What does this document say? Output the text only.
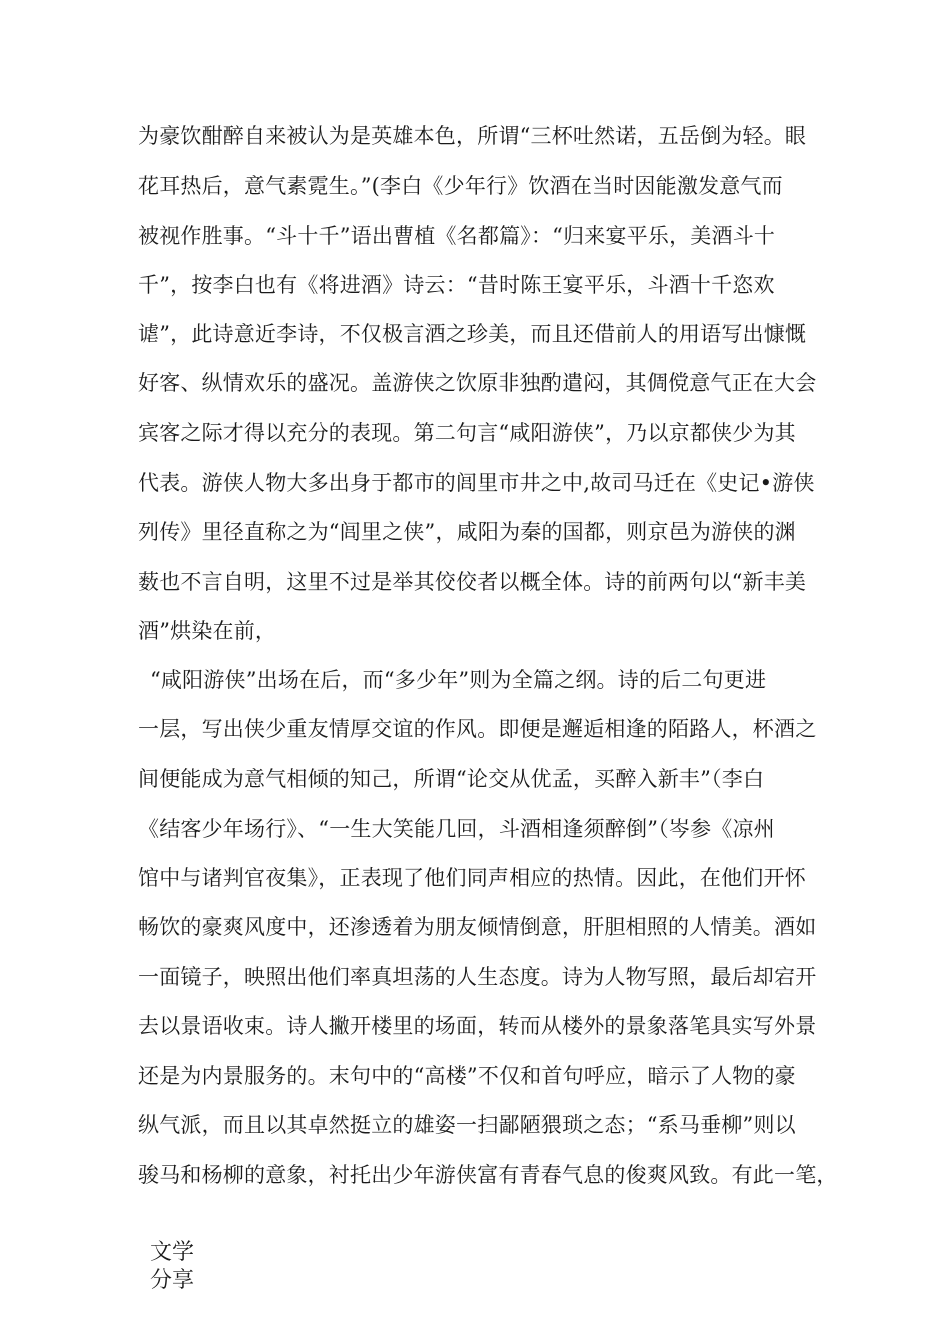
为豪饮酣醉自来被认为是英雄本色，所谓“三杯吐然诺，五岳倒为轻。眼
花耳热后，意气素霓生。”(李白《少年行》饮酒在当时因能激发意气而
被视作胜事。“斗十千”语出曹植《名都篇》：“归来宴平乐，美酒斗十
千”，按李白也有《将进酒》诗云：“昔时陈王宴平乐，斗酒十千恣欢
谑”，此诗意近李诗，不仅极言酒之珍美，而且还借前人的用语写出慷慨
好客、纵情欢乐的盛况。盖游侠之饮原非独酌遣闷，其倜傥意气正在大会
宾客之际才得以充分的表现。第二句言“咸阳游侠”，乃以京都侠少为其
代表。游侠人物大多出身于都市的闾里市井之中,故司马迁在《史记•游侠
列传》里径直称之为“闾里之侠”，咸阳为秦的国都，则京邑为游侠的渊
薮也不言自明，这里不过是举其佼佼者以概全体。诗的前两句以“新丰美
酒”烘染在前，
“咸阳游侠”出场在后，而“多少年”则为全篇之纲。诗的后二句更进
一层，写出侠少重友情厚交谊的作风。即便是邂逅相逢的陌路人，杯酒之
间便能成为意气相倾的知己，所谓“论交从优孟，买醉入新丰”（李白
《结客少年场行》、“一生大笑能几回，斗酒相逢须醉倒”（岑参《凉州
馆中与诸判官夜集》，正表现了他们同声相应的热情。因此，在他们开怀
畅饮的豪爽风度中，还渗透着为朋友倾情倒意，肝胆相照的人情美。酒如
一面镜子，映照出他们率真坦荡的人生态度。诗为人物写照，最后却宕开
去以景语收束。诗人撇开楼里的场面，转而从楼外的景象落笔具实写外景
还是为内景服务的。末句中的“高楼”不仅和首句呼应，暗示了人物的豪
纵气派，而且以其卓然挺立的雄姿一扫鄙陋猥琐之态；“系马垂柳”则以
骏马和杨柳的意象，衬托出少年游侠富有青春气息的俊爽风致。有此一笔，
文学
分享
